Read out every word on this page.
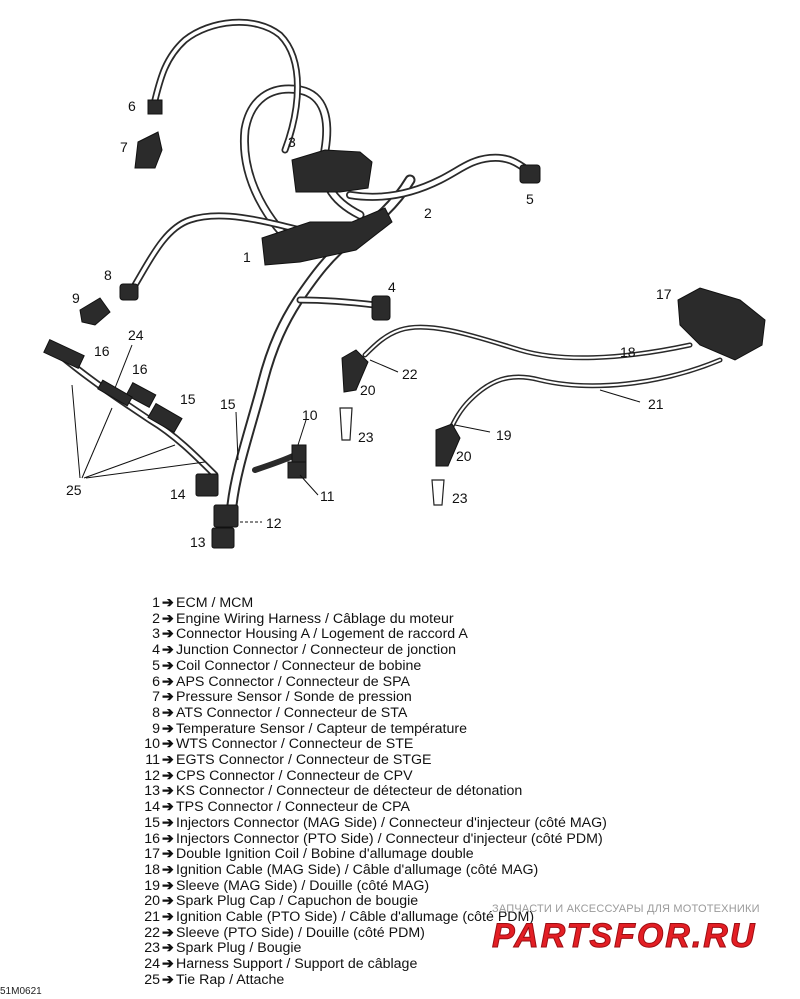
1
2
3
4
5
6
7
8
9
10
11
12
13
14
15 15
16
16
17
18
19
20
20
21
22
23
23
24
25
1 ➔ ECM / MCM
2 ➔ Engine Wiring Harness / Câblage du moteur
3 ➔ Connector Housing A / Logement de raccord A
4 ➔ Junction Connector / Connecteur de jonction
5 ➔ Coil Connector / Connecteur de bobine
6 ➔ APS Connector / Connecteur de SPA
7 ➔ Pressure Sensor / Sonde de pression
8 ➔ ATS Connector / Connecteur de STA
9 ➔ Temperature Sensor / Capteur de température
10 ➔ WTS Connector / Connecteur de STE
11 ➔ EGTS Connector / Connecteur de STGE
12 ➔ CPS Connector / Connecteur de CPV
13 ➔ KS Connector / Connecteur de détecteur de détonation
14 ➔ TPS Connector / Connecteur de CPA
15 ➔ Injectors Connector (MAG Side) / Connecteur d'injecteur (côté MAG)
16 ➔ Injectors Connector (PTO Side) / Connecteur d'injecteur (côté PDM)
17 ➔ Double Ignition Coil / Bobine d'allumage double
18 ➔ Ignition Cable (MAG Side) / Câble d'allumage (côté MAG)
19 ➔ Sleeve (MAG Side) / Douille (côté MAG)
20 ➔ Spark Plug Cap / Capuchon de bougie
21 ➔ Ignition Cable (PTO Side) / Câble d'allumage (côté PDM)
22 ➔ Sleeve (PTO Side) / Douille (côté PDM)
23 ➔ Spark Plug / Bougie
24 ➔ Harness Support / Support de câblage
25 ➔ Tie Rap / Attache
ЗАПЧАСТИ И АКСЕССУАРЫ ДЛЯ МОТОТЕХНИКИ
PARTSFOR.RU
51M0621
